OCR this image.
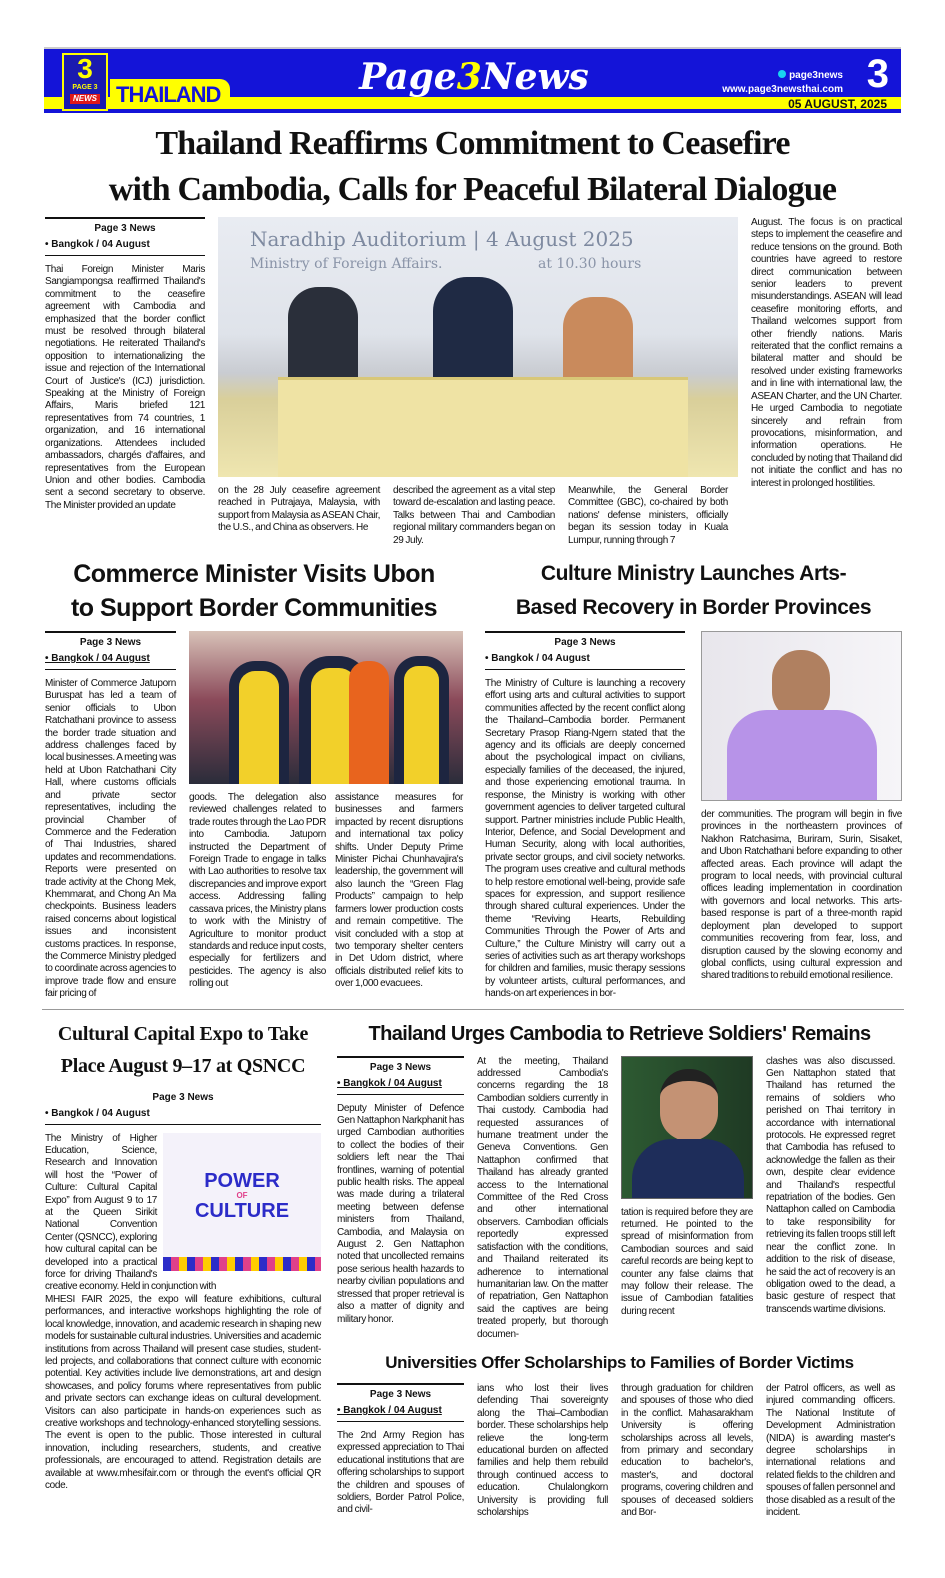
3
PAGE 3
NEWS THAILAND	Page3News	page3news
www.page3newsthai.com 3
05 AUGUST, 2025
Thailand Reaffirms Commitment to Ceasefire
with Cambodia, Calls for Peaceful Bilateral Dialogue
Page 3 News
• Bangkok / 04 August
Thai Foreign Minister Maris Sangiampongsa reaffirmed Thailand's commitment to the ceasefire agreement with Cambodia and emphasized that the border conflict must be resolved through bilateral negotiations. He reiterated Thailand's opposition to internationalizing the issue and rejection of the International Court of Justice's (ICJ) jurisdiction. Speaking at the Ministry of Foreign Affairs, Maris briefed 121 representatives from 74 countries, 1 organization, and 16 international organizations. Attendees included ambassadors, chargés d'affaires, and representatives from the European Union and other bodies. Cambodia sent a second secretary to observe. The Minister provided an update
Naradhip Auditorium | 4 August 2025
Ministry of Foreign Affairs.	at 10.30 hours
on the 28 July ceasefire agreement reached in Putrajaya, Malaysia, with support from Malaysia as ASEAN Chair, the U.S., and China as observers. He
described the agreement as a vital step toward de-escalation and lasting peace. Talks between Thai and Cambodian regional military commanders began on 29 July.
Meanwhile, the General Border Committee (GBC), co-chaired by both nations' defense ministers, officially began its session today in Kuala Lumpur, running through 7
August. The focus is on practical steps to implement the ceasefire and reduce tensions on the ground. Both countries have agreed to restore direct communication between senior leaders to prevent misunderstandings. ASEAN will lead ceasefire monitoring efforts, and Thailand welcomes support from other friendly nations. Maris reiterated that the conflict remains a bilateral matter and should be resolved under existing frameworks and in line with international law, the ASEAN Charter, and the UN Charter. He urged Cambodia to negotiate sincerely and refrain from provocations, misinformation, and information operations. He concluded by noting that Thailand did not initiate the conflict and has no interest in prolonged hostilities.
Commerce Minister Visits Ubon
to Support Border Communities
Page 3 News
• Bangkok / 04 August
Minister of Commerce Jatuporn Buruspat has led a team of senior officials to Ubon Ratchathani province to assess the border trade situation and address challenges faced by local businesses. A meeting was held at Ubon Ratchathani City Hall, where customs officials and private sector representatives, including the provincial Chamber of Commerce and the Federation of Thai Industries, shared updates and recommendations. Reports were presented on trade activity at the Chong Mek, Khemmarat, and Chong An Ma checkpoints. Business leaders raised concerns about logistical issues and inconsistent customs practices. In response, the Commerce Ministry pledged to coordinate across agencies to improve trade flow and ensure fair pricing of
goods. The delegation also reviewed challenges related to trade routes through the Lao PDR into Cambodia. Jatuporn instructed the Department of Foreign Trade to engage in talks with Lao authorities to resolve tax discrepancies and improve export access. Addressing falling cassava prices, the Ministry plans to work with the Ministry of Agriculture to monitor product standards and reduce input costs, especially for fertilizers and pesticides. The agency is also rolling out
assistance measures for businesses and farmers impacted by recent disruptions and international tax policy shifts. Under Deputy Prime Minister Pichai Chunhavajira's leadership, the government will also launch the “Green Flag Products” campaign to help farmers lower production costs and remain competitive. The visit concluded with a stop at two temporary shelter centers in Det Udom district, where officials distributed relief kits to over 1,000 evacuees.
Culture Ministry Launches Arts-
Based Recovery in Border Provinces
Page 3 News
• Bangkok / 04 August
The Ministry of Culture is launching a recovery effort using arts and cultural activities to support communities affected by the recent conflict along the Thailand–Cambodia border. Permanent Secretary Prasop Riang-Ngern stated that the agency and its officials are deeply concerned about the psychological impact on civilians, especially families of the deceased, the injured, and those experiencing emotional trauma. In response, the Ministry is working with other government agencies to deliver targeted cultural support. Partner ministries include Public Health, Interior, Defence, and Social Development and Human Security, along with local authorities, private sector groups, and civil society networks. The program uses creative and cultural methods to help restore emotional well-being, provide safe spaces for expression, and support resilience through shared cultural experiences. Under the theme “Reviving Hearts, Rebuilding Communities Through the Power of Arts and Culture,” the Culture Ministry will carry out a series of activities such as art therapy workshops for children and families, music therapy sessions by volunteer artists, cultural performances, and hands-on art experiences in bor-
der communities. The program will begin in five provinces in the northeastern provinces of Nakhon Ratchasima, Buriram, Surin, Sisaket, and Ubon Ratchathani before expanding to other affected areas. Each province will adapt the program to local needs, with provincial cultural offices leading implementation in coordination with governors and local networks. This arts-based response is part of a three-month rapid deployment plan developed to support communities recovering from fear, loss, and disruption caused by the slowing economy and global conflicts, using cultural expression and shared traditions to rebuild emotional resilience.
Cultural Capital Expo to Take
Place August 9–17 at QSNCC
Page 3 News
• Bangkok / 04 August
POWER
OF
CULTURE
The Ministry of Higher Education, Science, Research and Innovation will host the “Power of Culture: Cultural Capital Expo” from August 9 to 17 at the Queen Sirikit National Convention Center (QSNCC), exploring how cultural capital can be developed into a practical force for driving Thailand's creative economy. Held in conjunction with
MHESI FAIR 2025, the expo will feature exhibitions, cultural performances, and interactive workshops highlighting the role of local knowledge, innovation, and academic research in shaping new models for sustainable cultural industries. Universities and academic institutions from across Thailand will present case studies, student-led projects, and collaborations that connect culture with economic potential. Key activities include live demonstrations, art and design showcases, and policy forums where representatives from public and private sectors can exchange ideas on cultural development. Visitors can also participate in hands-on experiences such as creative workshops and technology-enhanced storytelling sessions. The event is open to the public. Those interested in cultural innovation, including researchers, students, and creative professionals, are encouraged to attend. Registration details are available at www.mhesifair.com or through the event's official QR code.
Thailand Urges Cambodia to Retrieve Soldiers' Remains
Page 3 News
• Bangkok / 04 August
Deputy Minister of Defence Gen Nattaphon Narkphanit has urged Cambodian authorities to collect the bodies of their soldiers left near the Thai frontlines, warning of potential public health risks. The appeal was made during a trilateral meeting between defense ministers from Thailand, Cambodia, and Malaysia on August 2. Gen Nattaphon noted that uncollected remains pose serious health hazards to nearby civilian populations and stressed that proper retrieval is also a matter of dignity and military honor.
At the meeting, Thailand addressed Cambodia's concerns regarding the 18 Cambodian soldiers currently in Thai custody. Cambodia had requested assurances of humane treatment under the Geneva Conventions. Gen Nattaphon confirmed that Thailand has already granted access to the International Committee of the Red Cross and other international observers. Cambodian officials reportedly expressed satisfaction with the conditions, and Thailand reiterated its adherence to international humanitarian law. On the matter of repatriation, Gen Nattaphon said the captives are being treated properly, but thorough documen-
tation is required before they are returned. He pointed to the spread of misinformation from Cambodian sources and said careful records are being kept to counter any false claims that may follow their release. The issue of Cambodian fatalities during recent
clashes was also discussed. Gen Nattaphon stated that Thailand has returned the remains of soldiers who perished on Thai territory in accordance with international protocols. He expressed regret that Cambodia has refused to acknowledge the fallen as their own, despite clear evidence and Thailand's respectful repatriation of the bodies. Gen Nattaphon called on Cambodia to take responsibility for retrieving its fallen troops still left near the conflict zone. In addition to the risk of disease, he said the act of recovery is an obligation owed to the dead, a basic gesture of respect that transcends wartime divisions.
Universities Offer Scholarships to Families of Border Victims
Page 3 News
• Bangkok / 04 August
The 2nd Army Region has expressed appreciation to Thai educational institutions that are offering scholarships to support the children and spouses of soldiers, Border Patrol Police, and civil-
ians who lost their lives defending Thai sovereignty along the Thai–Cambodian border. These scholarships help relieve the long-term educational burden on affected families and help them rebuild through continued access to education. Chulalongkorn University is providing full scholarships
through graduation for children and spouses of those who died in the conflict. Mahasarakham University is offering scholarships across all levels, from primary and secondary education to bachelor's, master's, and doctoral programs, covering children and spouses of deceased soldiers and Bor-
der Patrol officers, as well as injured commanding officers. The National Institute of Development Administration (NIDA) is awarding master's degree scholarships in international relations and related fields to the children and spouses of fallen personnel and those disabled as a result of the incident.
